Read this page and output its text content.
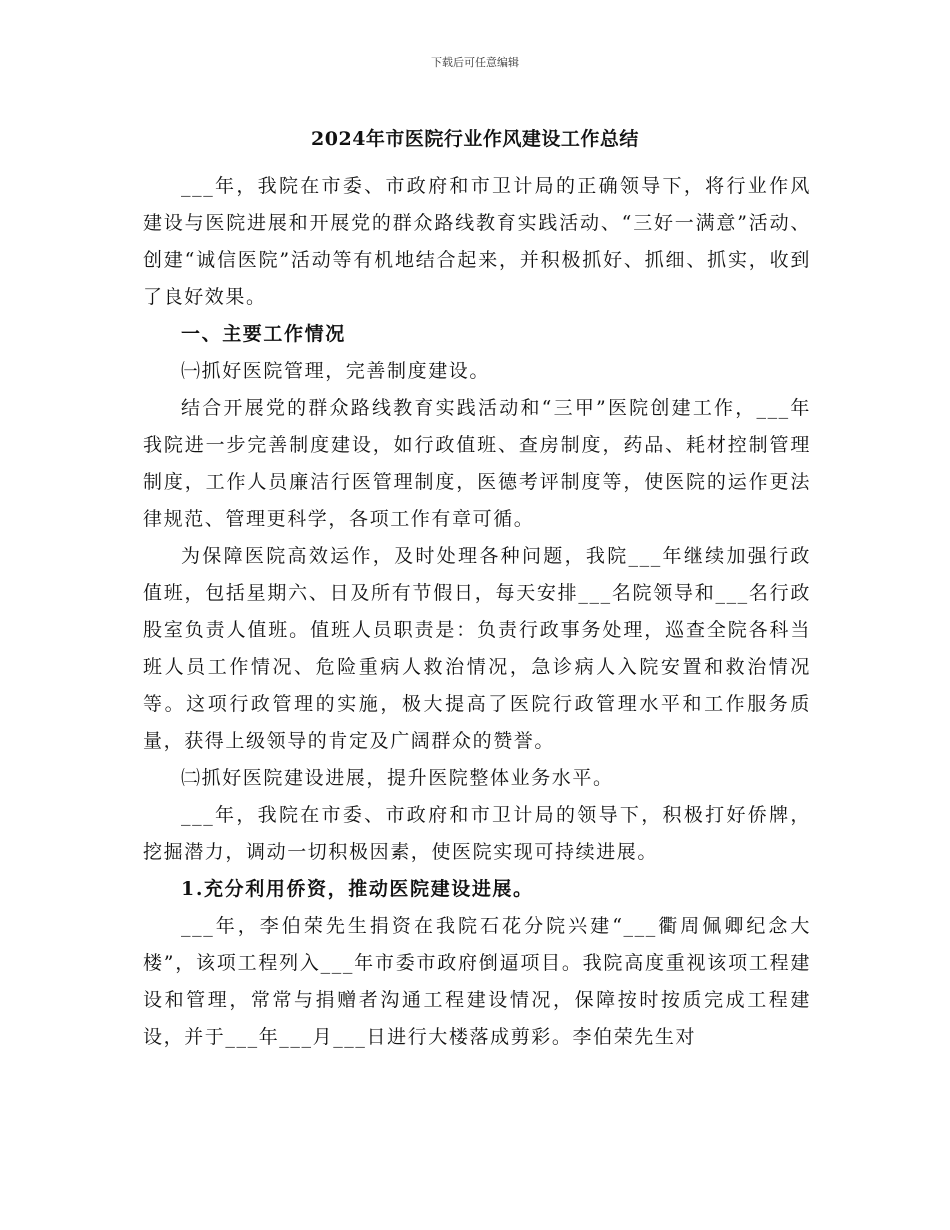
下载后可任意编辑
2024年市医院行业作风建设工作总结

___年，我院在市委、市政府和市卫计局的正确领导下，将行业作风建设与医院进展和开展党的群众路线教育实践活动、“三好一满意”活动、创建“诚信医院”活动等有机地结合起来，并积极抓好、抓细、抓实，收到了良好效果。

一、主要工作情况

㈠抓好医院管理，完善制度建设。

结合开展党的群众路线教育实践活动和“三甲”医院创建工作，___年我院进一步完善制度建设，如行政值班、查房制度，药品、耗材控制管理制度，工作人员廉洁行医管理制度，医德考评制度等，使医院的运作更法律规范、管理更科学，各项工作有章可循。

为保障医院高效运作，及时处理各种问题，我院___年继续加强行政值班，包括星期六、日及所有节假日，每天安排___名院领导和___名行政股室负责人值班。值班人员职责是：负责行政事务处理，巡查全院各科当班人员工作情况、危险重病人救治情况，急诊病人入院安置和救治情况等。这项行政管理的实施，极大提高了医院行政管理水平和工作服务质量，获得上级领导的肯定及广阔群众的赞誉。

㈡抓好医院建设进展，提升医院整体业务水平。

___年，我院在市委、市政府和市卫计局的领导下，积极打好侨牌，挖掘潜力，调动一切积极因素，使医院实现可持续进展。

1.充分利用侨资，推动医院建设进展。

___年，李伯荣先生捐资在我院石花分院兴建“___衢周佩卿纪念大楼”，该项工程列入___年市委市政府倒逼项目。我院高度重视该项工程建设和管理，常常与捐赠者沟通工程建设情况，保障按时按质完成工程建设，并于___年___月___日进行大楼落成剪彩。李伯荣先生对
